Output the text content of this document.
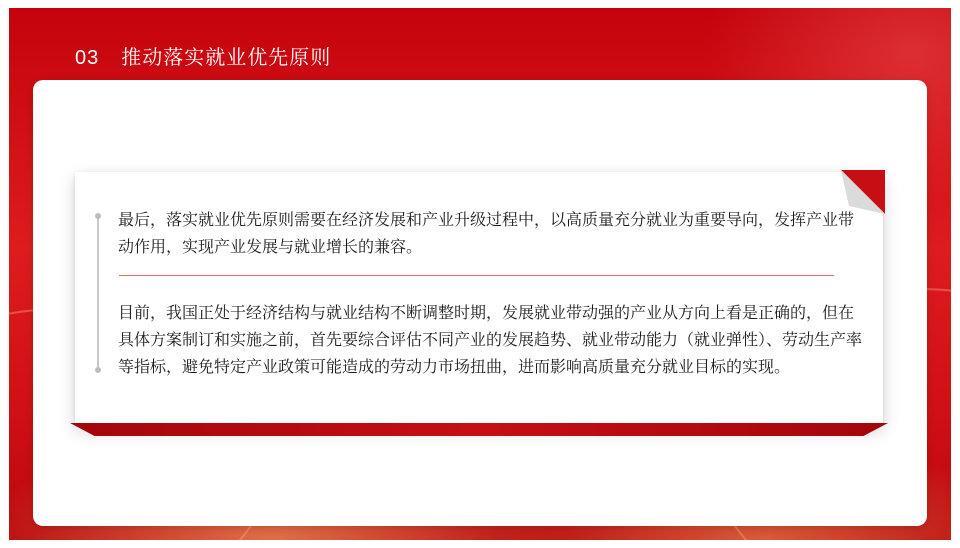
03 推动落实就业优先原则

最后，落实就业优先原则需要在经济发展和产业升级过程中，以高质量充分就业为重要导向，发挥产业带动作用，实现产业发展与就业增长的兼容。

目前，我国正处于经济结构与就业结构不断调整时期，发展就业带动强的产业从方向上看是正确的，但在具体方案制订和实施之前，首先要综合评估不同产业的发展趋势、就业带动能力（就业弹性）、劳动生产率等指标，避免特定产业政策可能造成的劳动力市场扭曲，进而影响高质量充分就业目标的实现。
